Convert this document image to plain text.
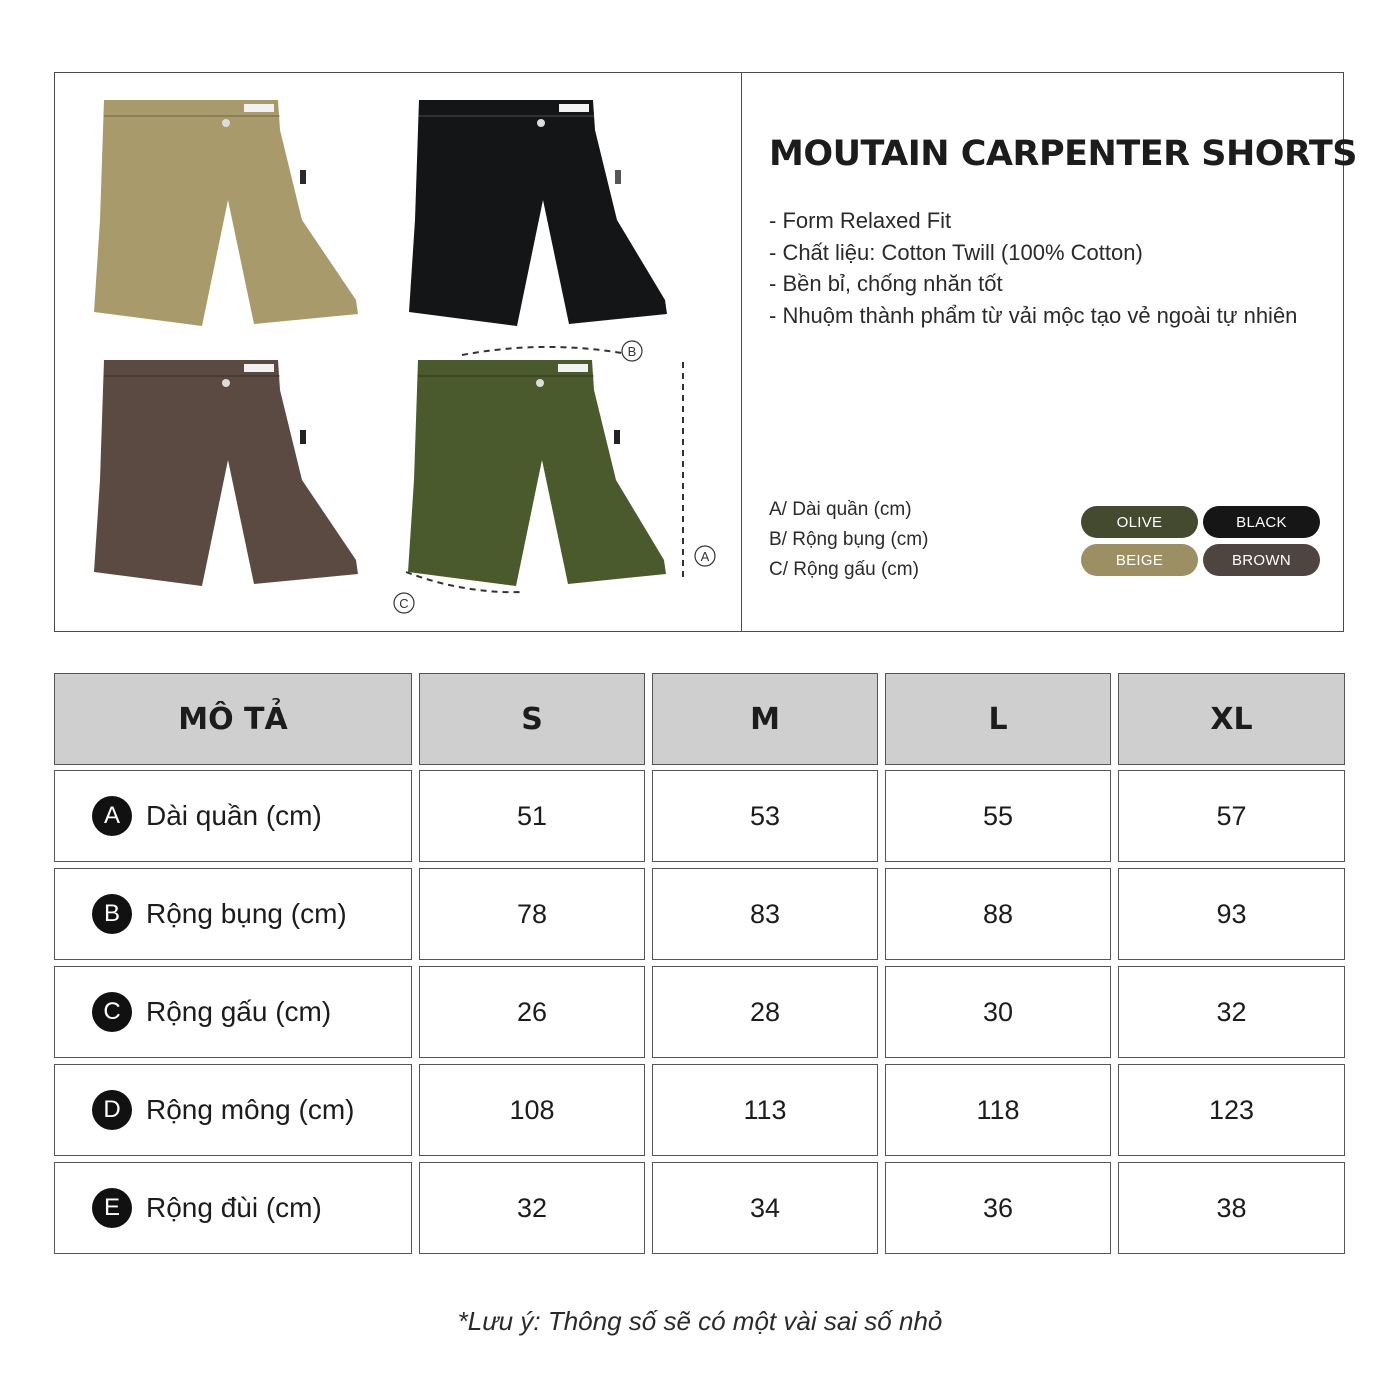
B
A
C
MOUTAIN CARPENTER SHORTS
- Form Relaxed Fit
- Chất liệu: Cotton Twill (100% Cotton)
- Bền bỉ, chống nhăn tốt
- Nhuộm thành phẩm từ vải mộc tạo vẻ ngoài tự nhiên
A/ Dài quần (cm)
B/ Rộng bụng (cm)
C/ Rộng gấu (cm)
OLIVE	BLACK
BEIGE	BROWN
MÔ TẢ	S	M	L	XL
A Dài quần (cm)	51	53	55	57
B Rộng bụng (cm)	78	83	88	93
C Rộng gấu (cm)	26	28	30	32
D Rộng mông (cm)	108	113	118	123
E Rộng đùi (cm)	32	34	36	38
*Lưu ý: Thông số sẽ có một vài sai số nhỏ
